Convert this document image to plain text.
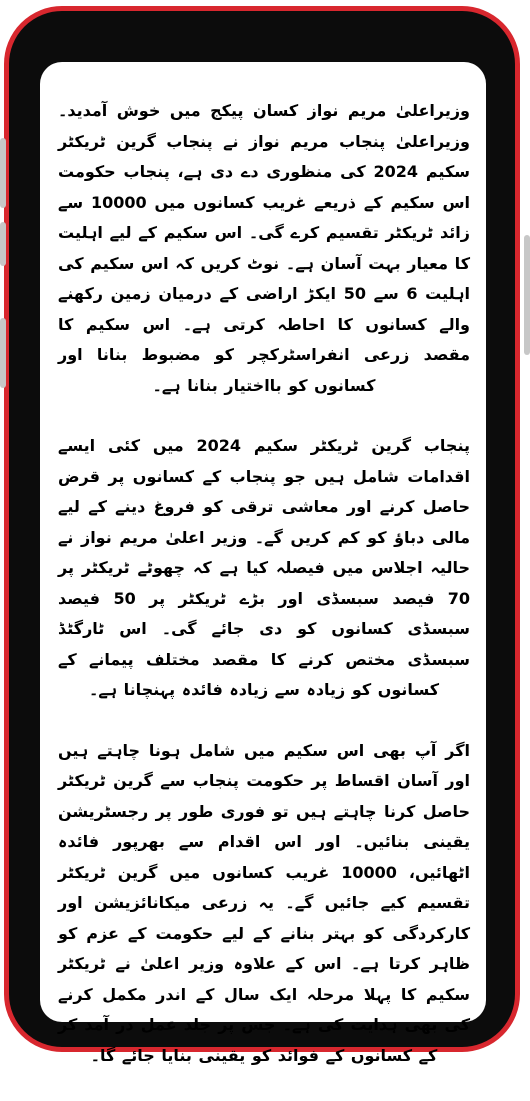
وزیراعلیٰ مریم نواز کسان پیکج میں خوش آمدید۔ وزیراعلیٰ پنجاب مریم نواز نے پنجاب گرین ٹریکٹر سکیم 2024 کی منظوری دے دی ہے، پنجاب حکومت اس سکیم کے ذریعے غریب کسانوں میں 10000 سے زائد ٹریکٹر تقسیم کرے گی۔ اس سکیم کے لیے اہلیت کا معیار بہت آسان ہے۔ نوٹ کریں کہ اس سکیم کی اہلیت 6 سے 50 ایکڑ اراضی کے درمیان زمین رکھنے والے کسانوں کا احاطہ کرتی ہے۔ اس سکیم کا مقصد زرعی انفراسٹرکچر کو مضبوط بنانا اور کسانوں کو بااختیار بنانا ہے۔

پنجاب گرین ٹریکٹر سکیم 2024 میں کئی ایسے اقدامات شامل ہیں جو پنجاب کے کسانوں پر قرض حاصل کرنے اور معاشی ترقی کو فروغ دینے کے لیے مالی دباؤ کو کم کریں گے۔ وزیر اعلیٰ مریم نواز نے حالیہ اجلاس میں فیصلہ کیا ہے کہ چھوٹے ٹریکٹر پر 70 فیصد سبسڈی اور بڑے ٹریکٹر پر 50 فیصد سبسڈی کسانوں کو دی جائے گی۔ اس ٹارگٹڈ سبسڈی مختص کرنے کا مقصد مختلف پیمانے کے کسانوں کو زیادہ سے زیادہ فائدہ پہنچانا ہے۔

اگر آپ بھی اس سکیم میں شامل ہونا چاہتے ہیں اور آسان اقساط پر حکومت پنجاب سے گرین ٹریکٹر حاصل کرنا چاہتے ہیں تو فوری طور پر رجسٹریشن یقینی بنائیں۔ اور اس اقدام سے بھرپور فائدہ اٹھائیں، 10000 غریب کسانوں میں گرین ٹریکٹر تقسیم کیے جائیں گے۔ یہ زرعی میکانائزیشن اور کارکردگی کو بہتر بنانے کے لیے حکومت کے عزم کو ظاہر کرتا ہے۔ اس کے علاوہ وزیر اعلیٰ نے ٹریکٹر سکیم کا پہلا مرحلہ ایک سال کے اندر مکمل کرنے کی بھی ہدایت کی ہے۔ جس پر جلد عمل در آمد کر کے کسانوں کے فوائد کو یقینی بنایا جائے گا۔
